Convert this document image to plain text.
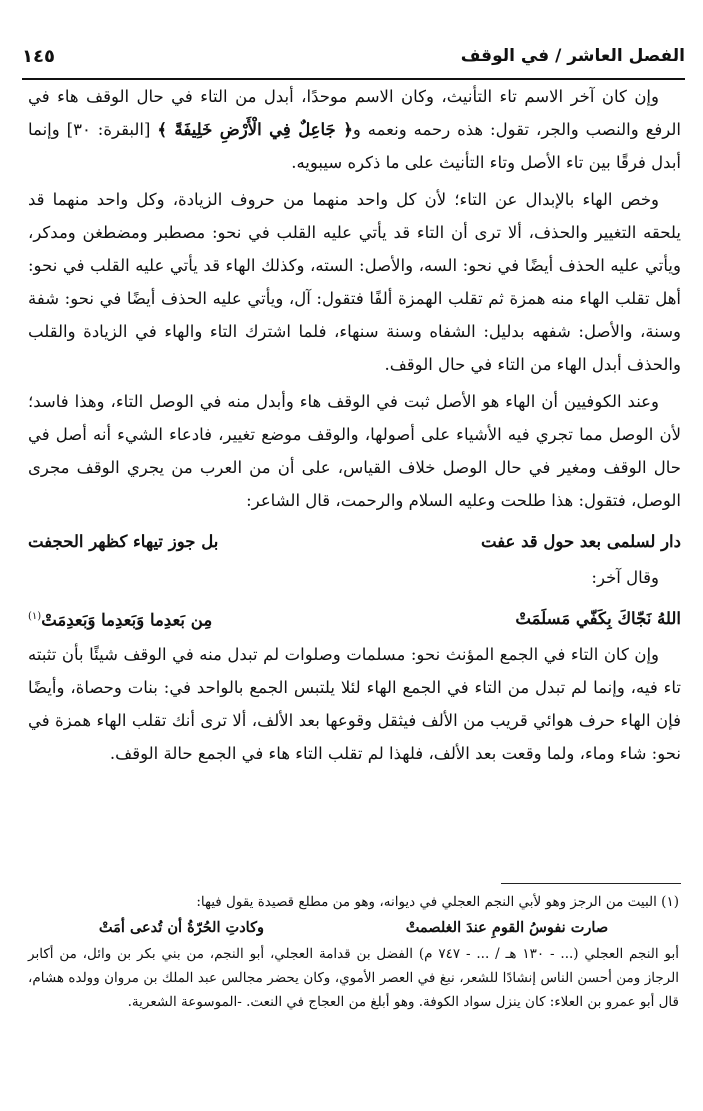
الفصل العاشر / في الوقف
١٤٥

وإن كان آخر الاسم تاء التأنيث، وكان الاسم موحدًا، أبدل من التاء في حال الوقف هاء في الرفع والنصب والجر، تقول: هذه رحمه ونعمه و﴿ جَاعِلٌ فِي الْأَرْضِ خَلِيفَةً ﴾ [البقرة: ٣٠] وإنما أبدل فرقًا بين تاء الأصل وتاء التأنيث على ما ذكره سيبويه.

وخص الهاء بالإبدال عن التاء؛ لأن كل واحد منهما من حروف الزيادة، وكل واحد منهما قد يلحقه التغيير والحذف، ألا ترى أن التاء قد يأتي عليه القلب في نحو: مصطبر ومضطغن ومدكر، ويأتي عليه الحذف أيضًا في نحو: السه، والأصل: السته، وكذلك الهاء قد يأتي عليه القلب في نحو: أهل تقلب الهاء منه همزة ثم تقلب الهمزة ألفًا فتقول: آل، ويأتي عليه الحذف أيضًا في نحو: شفة وسنة، والأصل: شفهه بدليل: الشفاه وسنة سنهاء، فلما اشترك التاء والهاء في الزيادة والقلب والحذف أبدل الهاء من التاء في حال الوقف.

وعند الكوفيين أن الهاء هو الأصل ثبت في الوقف هاء وأبدل منه في الوصل التاء، وهذا فاسد؛ لأن الوصل مما تجري فيه الأشياء على أصولها، والوقف موضع تغيير، فادعاء الشيء أنه أصل في حال الوقف ومغير في حال الوصل خلاف القياس، على أن من العرب من يجري الوقف مجرى الوصل، فتقول: هذا طلحت وعليه السلام والرحمت، قال الشاعر:

دار لسلمى بعد حول قد عفت
بل جوز تيهاء كظهر الحجفت

وقال آخر:

اللهُ نَجّاكَ بِكَفّي مَسلَمَتْ
مِن بَعدِما وَبَعدِما وَبَعدِمَتْ$^{(١)}$

وإن كان التاء في الجمع المؤنث نحو: مسلمات وصلوات لم تبدل منه في الوقف شيئًا بأن تثبته تاء فيه، وإنما لم تبدل من التاء في الجمع الهاء لئلا يلتبس الجمع بالواحد في: بنات وحصاة، وأيضًا فإن الهاء حرف هوائي قريب من الألف فيثقل وقوعها بعد الألف، ألا ترى أنك تقلب الهاء همزة في نحو: شاء وماء، ولما وقعت بعد الألف، فلهذا لم تقلب التاء هاء في الجمع حالة الوقف.

(١) البيت من الرجز وهو لأبي النجم العجلي في ديوانه، وهو من مطلع قصيدة يقول فيها:

صارت نفوسُ القومِ عندَ الغلصمتْ
وكادتِ الحُرّةُ أن تُدعى أمَتْ

أبو النجم العجلي (... - ١٣٠ هـ / ... - ٧٤٧ م) الفضل بن قدامة العجلي، أبو النجم، من بني بكر بن وائل، من أكابر الرجاز ومن أحسن الناس إنشادًا للشعر، نبغ في العصر الأموي، وكان يحضر مجالس عبد الملك بن مروان وولده هشام، قال أبو عمرو بن العلاء: كان ينزل سواد الكوفة. وهو أبلغ من العجاج في النعت. -الموسوعة الشعرية.
